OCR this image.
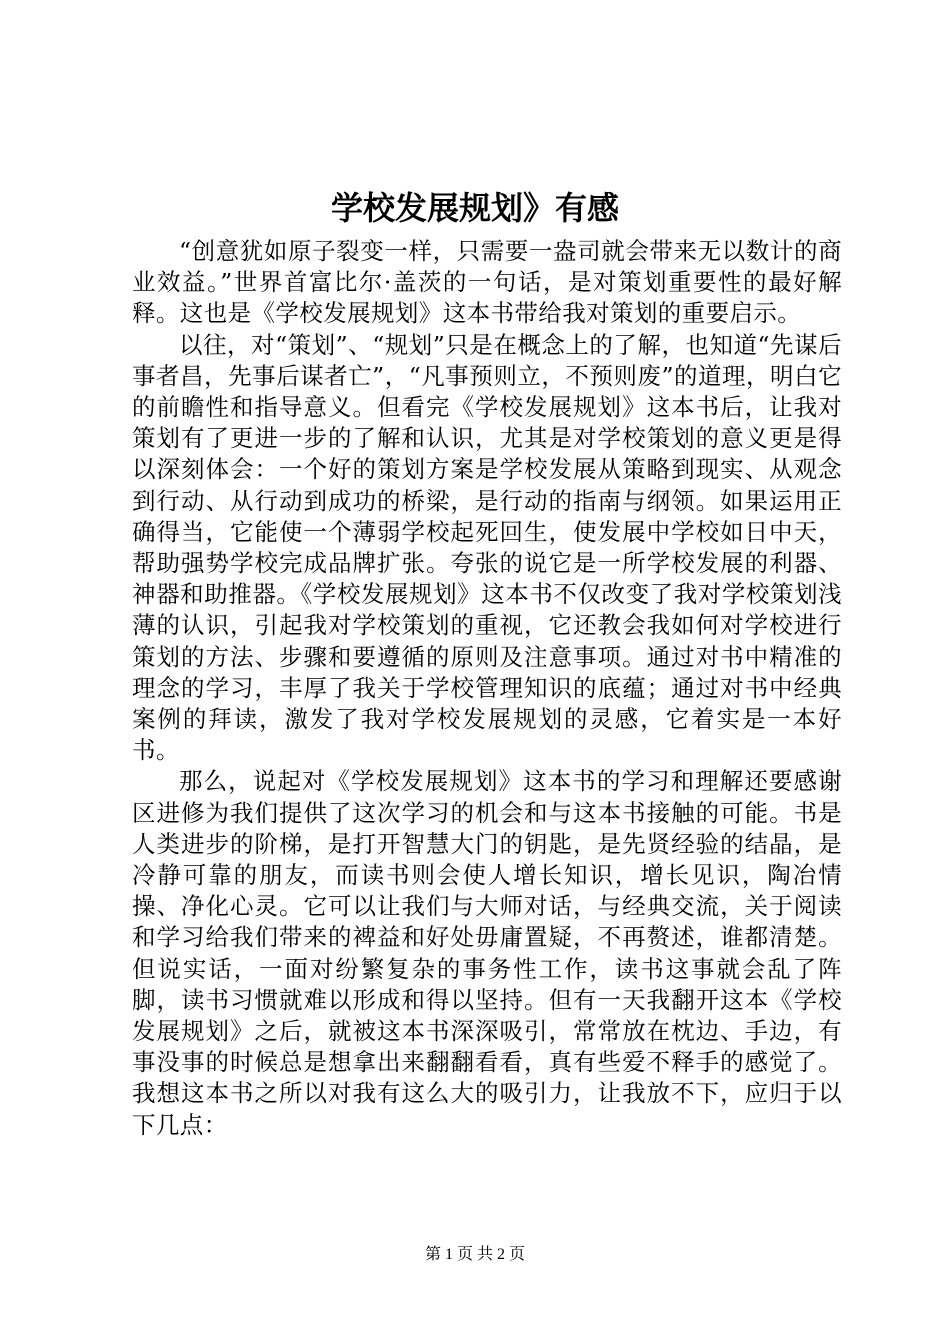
学校发展规划》有感

“创意犹如原子裂变一样，只需要一盎司就会带来无以数计的商业效益。”世界首富比尔·盖茨的一句话，是对策划重要性的最好解释。这也是《学校发展规划》这本书带给我对策划的重要启示。

以往，对“策划”、“规划”只是在概念上的了解，也知道“先谋后事者昌，先事后谋者亡”，“凡事预则立，不预则废”的道理，明白它的前瞻性和指导意义。但看完《学校发展规划》这本书后，让我对策划有了更进一步的了解和认识，尤其是对学校策划的意义更是得以深刻体会：一个好的策划方案是学校发展从策略到现实、从观念到行动、从行动到成功的桥梁，是行动的指南与纲领。如果运用正确得当，它能使一个薄弱学校起死回生，使发展中学校如日中天，帮助强势学校完成品牌扩张。夸张的说它是一所学校发展的利器、神器和助推器。《学校发展规划》这本书不仅改变了我对学校策划浅薄的认识，引起我对学校策划的重视，它还教会我如何对学校进行策划的方法、步骤和要遵循的原则及注意事项。通过对书中精准的理念的学习，丰厚了我关于学校管理知识的底蕴；通过对书中经典案例的拜读，激发了我对学校发展规划的灵感，它着实是一本好书。

那么，说起对《学校发展规划》这本书的学习和理解还要感谢区进修为我们提供了这次学习的机会和与这本书接触的可能。书是人类进步的阶梯，是打开智慧大门的钥匙，是先贤经验的结晶，是冷静可靠的朋友，而读书则会使人增长知识，增长见识，陶冶情操、净化心灵。它可以让我们与大师对话，与经典交流，关于阅读和学习给我们带来的裨益和好处毋庸置疑，不再赘述，谁都清楚。但说实话，一面对纷繁复杂的事务性工作，读书这事就会乱了阵脚，读书习惯就难以形成和得以坚持。但有一天我翻开这本《学校发展规划》之后，就被这本书深深吸引，常常放在枕边、手边，有事没事的时候总是想拿出来翻翻看看，真有些爱不释手的感觉了。我想这本书之所以对我有这么大的吸引力，让我放不下，应归于以下几点：

第 1 页 共 2 页
